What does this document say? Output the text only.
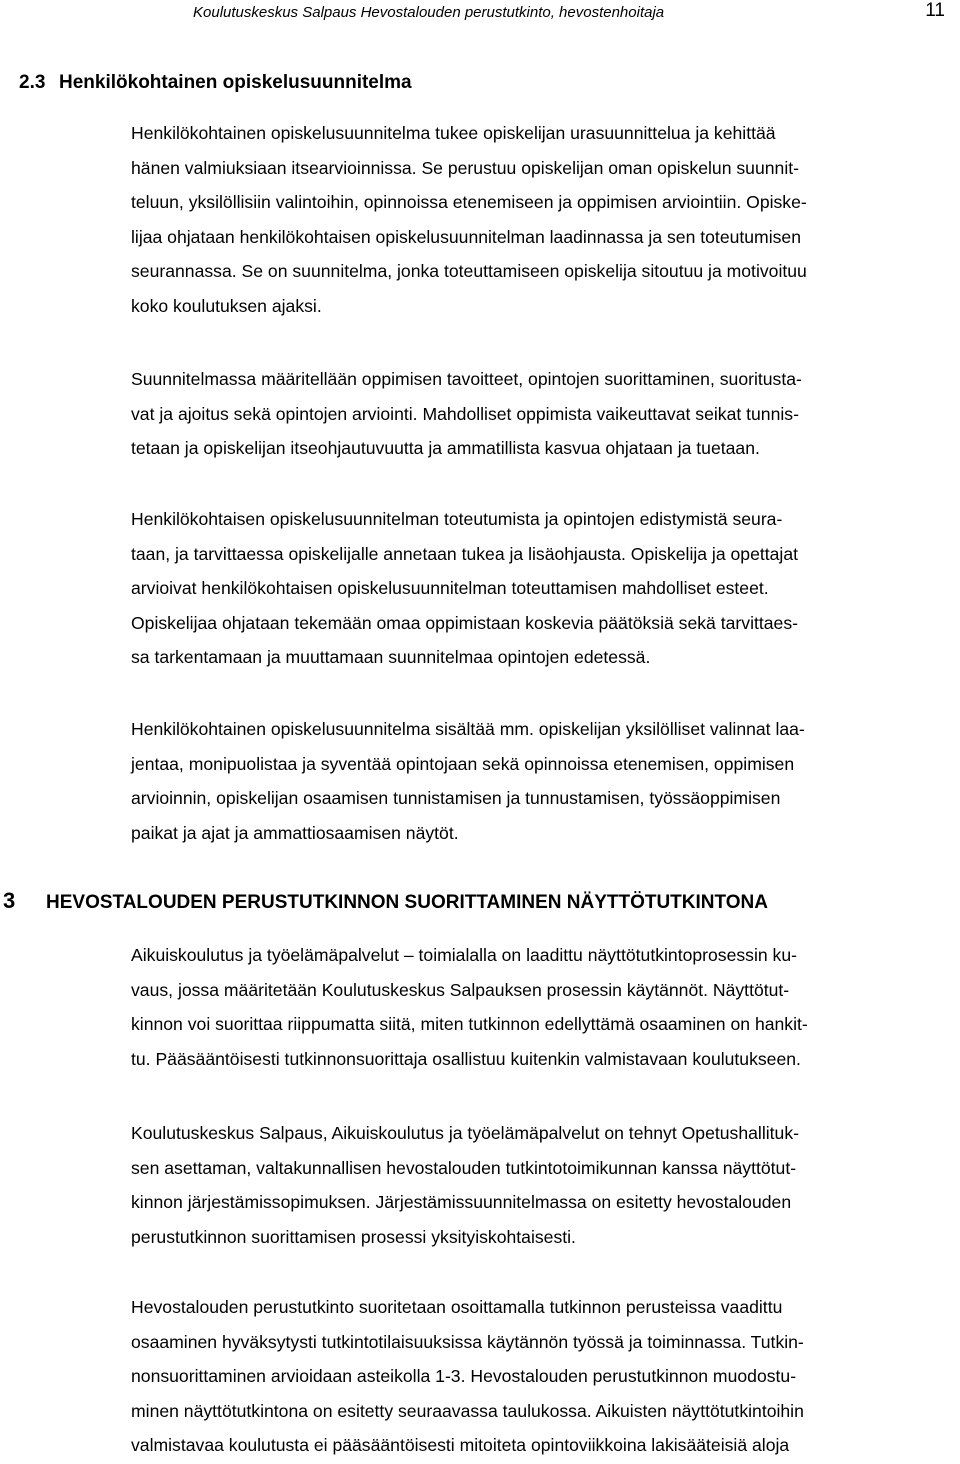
Koulutuskeskus Salpaus Hevostalouden perustutkinto, hevostenhoitaja	11
2.3 Henkilökohtainen opiskelusuunnitelma

Henkilökohtainen opiskelusuunnitelma tukee opiskelijan urasuunnittelua ja kehittää
hänen valmiuksiaan itsearvioinnissa. Se perustuu opiskelijan oman opiskelun suunnit-
teluun, yksilöllisiin valintoihin, opinnoissa etenemiseen ja oppimisen arviointiin. Opiske-
lijaa ohjataan henkilökohtaisen opiskelusuunnitelman laadinnassa ja sen toteutumisen
seurannassa. Se on suunnitelma, jonka toteuttamiseen opiskelija sitoutuu ja motivoituu
koko koulutuksen ajaksi.

Suunnitelmassa määritellään oppimisen tavoitteet, opintojen suorittaminen, suoritusta-
vat ja ajoitus sekä opintojen arviointi. Mahdolliset oppimista vaikeuttavat seikat tunnis-
tetaan ja opiskelijan itseohjautuvuutta ja ammatillista kasvua ohjataan ja tuetaan.

Henkilökohtaisen opiskelusuunnitelman toteutumista ja opintojen edistymistä seura-
taan, ja tarvittaessa opiskelijalle annetaan tukea ja lisäohjausta. Opiskelija ja opettajat
arvioivat henkilökohtaisen opiskelusuunnitelman toteuttamisen mahdolliset esteet.
Opiskelijaa ohjataan tekemään omaa oppimistaan koskevia päätöksiä sekä tarvittaes-
sa tarkentamaan ja muuttamaan suunnitelmaa opintojen edetessä.

Henkilökohtainen opiskelusuunnitelma sisältää mm. opiskelijan yksilölliset valinnat laa-
jentaa, monipuolistaa ja syventää opintojaan sekä opinnoissa etenemisen, oppimisen
arvioinnin, opiskelijan osaamisen tunnistamisen ja tunnustamisen, työssäoppimisen
paikat ja ajat ja ammattiosaamisen näytöt.

3 HEVOSTALOUDEN PERUSTUTKINNON SUORITTAMINEN NÄYTTÖTUTKINTONA

Aikuiskoulutus ja työelämäpalvelut – toimialalla on laadittu näyttötutkintoprosessin ku-
vaus, jossa määritetään Koulutuskeskus Salpauksen prosessin käytännöt. Näyttötut-
kinnon voi suorittaa riippumatta siitä, miten tutkinnon edellyttämä osaaminen on hankit-
tu. Pääsääntöisesti tutkinnonsuorittaja osallistuu kuitenkin valmistavaan koulutukseen.

Koulutuskeskus Salpaus, Aikuiskoulutus ja työelämäpalvelut on tehnyt Opetushallituk-
sen asettaman, valtakunnallisen hevostalouden tutkintotoimikunnan kanssa näyttötut-
kinnon järjestämissopimuksen. Järjestämissuunnitelmassa on esitetty hevostalouden
perustutkinnon suorittamisen prosessi yksityiskohtaisesti.

Hevostalouden perustutkinto suoritetaan osoittamalla tutkinnon perusteissa vaadittu
osaaminen hyväksytysti tutkintotilaisuuksissa käytännön työssä ja toiminnassa. Tutkin-
nonsuorittaminen arvioidaan asteikolla 1-3. Hevostalouden perustutkinnon muodostu-
minen näyttötutkintona on esitetty seuraavassa taulukossa. Aikuisten näyttötutkintoihin
valmistavaa koulutusta ei pääsääntöisesti mitoiteta opintoviikkoina lakisääteisiä aloja
